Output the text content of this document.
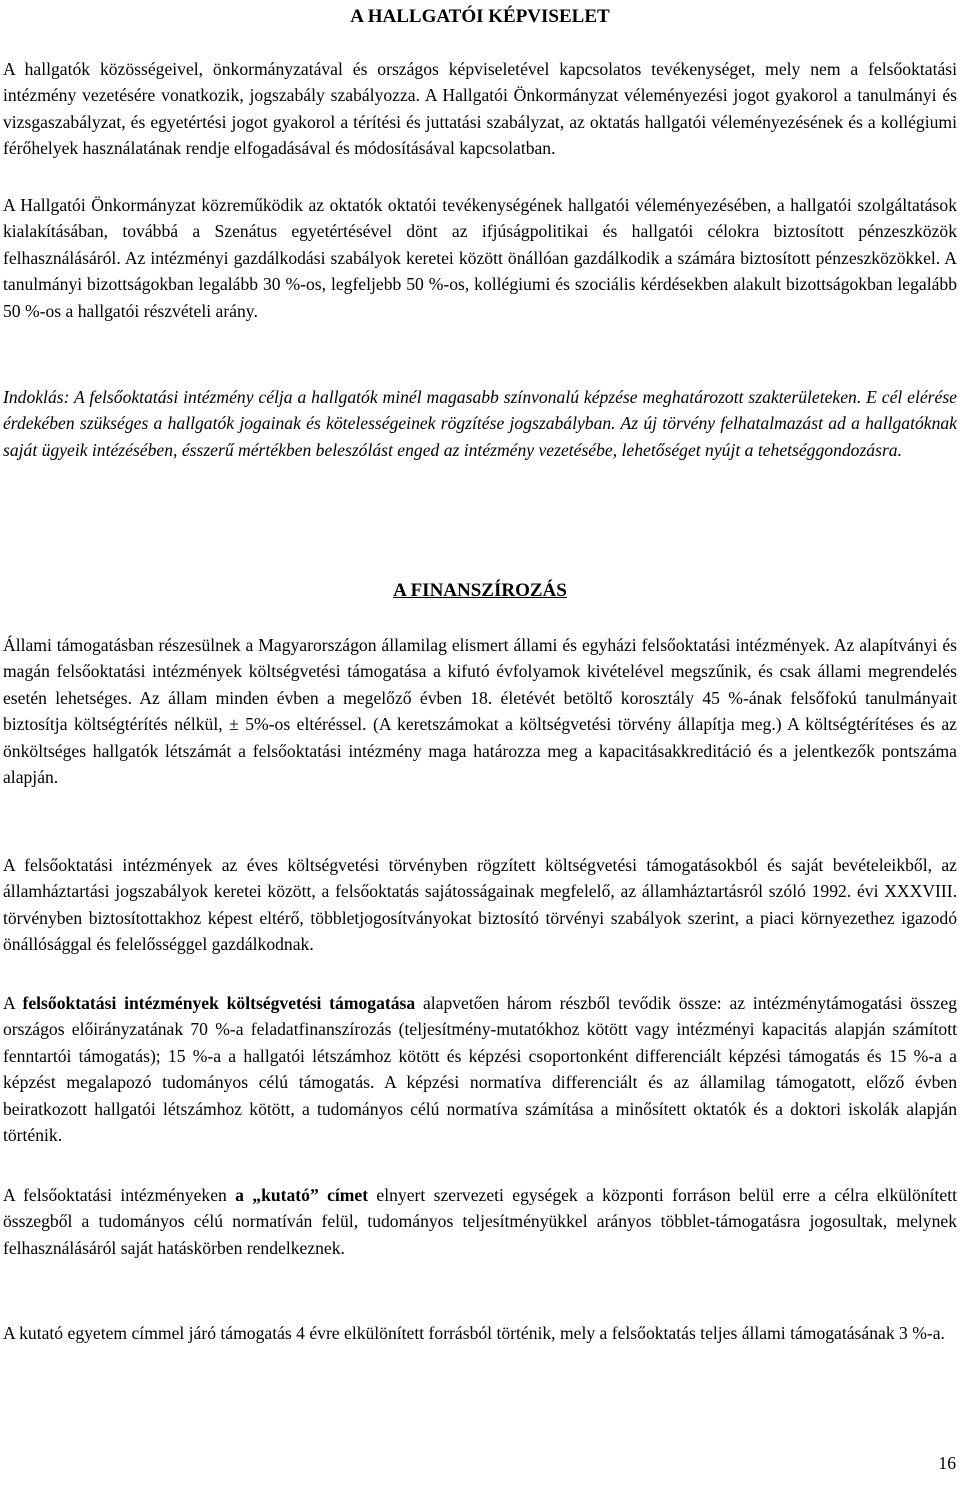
A HALLGATÓI KÉPVISELET

A hallgatók közösségeivel, önkormányzatával és országos képviseletével kapcsolatos tevékenységet, mely nem a felsőoktatási intézmény vezetésére vonatkozik, jogszabály szabályozza. A Hallgatói Önkormányzat véleményezési jogot gyakorol a tanulmányi és vizsgaszabályzat, és egyetértési jogot gyakorol a térítési és juttatási szabályzat, az oktatás hallgatói véleményezésének és a kollégiumi férőhelyek használatának rendje elfogadásával és módosításával kapcsolatban.

A Hallgatói Önkormányzat közreműködik az oktatók oktatói tevékenységének hallgatói véleményezésében, a hallgatói szolgáltatások kialakításában, továbbá a Szenátus egyetértésével dönt az ifjúságpolitikai és hallgatói célokra biztosított pénzeszközök felhasználásáról. Az intézményi gazdálkodási szabályok keretei között önállóan gazdálkodik a számára biztosított pénzeszközökkel. A tanulmányi bizottságokban legalább 30 %-os, legfeljebb 50 %-os, kollégiumi és szociális kérdésekben alakult bizottságokban legalább 50 %-os a hallgatói részvételi arány.

Indoklás: A felsőoktatási intézmény célja a hallgatók minél magasabb színvonalú képzése meghatározott szakterületeken. E cél elérése érdekében szükséges a hallgatók jogainak és kötelességeinek rögzítése jogszabályban. Az új törvény felhatalmazást ad a hallgatóknak saját ügyeik intézésében, ésszerű mértékben beleszólást enged az intézmény vezetésébe, lehetőséget nyújt a tehetséggondozásra.

A FINANSZÍROZÁS

Állami támogatásban részesülnek a Magyarországon államilag elismert állami és egyházi felsőoktatási intézmények. Az alapítványi és magán felsőoktatási intézmények költségvetési támogatása a kifutó évfolyamok kivételével megszűnik, és csak állami megrendelés esetén lehetséges. Az állam minden évben a megelőző évben 18. életévét betöltő korosztály 45 %-ának felsőfokú tanulmányait biztosítja költségtérítés nélkül, ± 5%-os eltéréssel. (A keretszámokat a költségvetési törvény állapítja meg.) A költségtérítéses és az önköltséges hallgatók létszámát a felsőoktatási intézmény maga határozza meg a kapacitásakkreditáció és a jelentkezők pontszáma alapján.

A felsőoktatási intézmények az éves költségvetési törvényben rögzített költségvetési támogatásokból és saját bevételeikből, az államháztartási jogszabályok keretei között, a felsőoktatás sajátosságainak megfelelő, az államháztartásról szóló 1992. évi XXXVIII. törvényben biztosítottakhoz képest eltérő, többletjogosítványokat biztosító törvényi szabályok szerint, a piaci környezethez igazodó önállósággal és felelősséggel gazdálkodnak.

A felsőoktatási intézmények költségvetési támogatása alapvetően három részből tevődik össze: az intézménytámogatási összeg országos előirányzatának 70 %-a feladatfinanszírozás (teljesítmény-mutatókhoz kötött vagy intézményi kapacitás alapján számított fenntartói támogatás); 15 %-a a hallgatói létszámhoz kötött és képzési csoportonként differenciált képzési támogatás és 15 %-a a képzést megalapozó tudományos célú támogatás. A képzési normatíva differenciált és az államilag támogatott, előző évben beiratkozott hallgatói létszámhoz kötött, a tudományos célú normatíva számítása a minősített oktatók és a doktori iskolák alapján történik.

A felsőoktatási intézményeken a „kutató” címet elnyert szervezeti egységek a központi forráson belül erre a célra elkülönített összegből a tudományos célú normatíván felül, tudományos teljesítményükkel arányos többlet-támogatásra jogosultak, melynek felhasználásáról saját hatáskörben rendelkeznek.

A kutató egyetem címmel járó támogatás 4 évre elkülönített forrásból történik, mely a felsőoktatás teljes állami támogatásának 3 %-a.

16
